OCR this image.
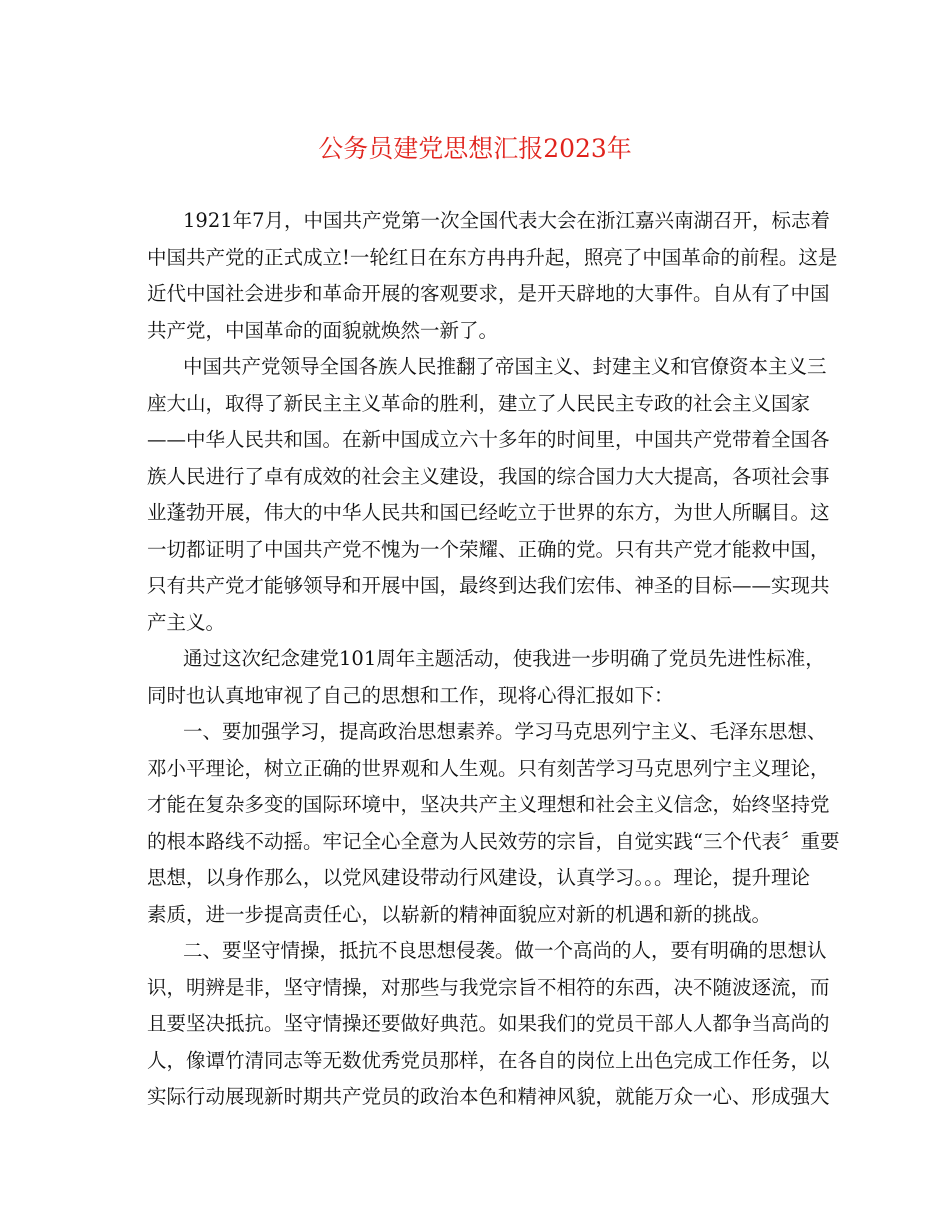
公务员建党思想汇报2023年
1921年7月，中国共产党第一次全国代表大会在浙江嘉兴南湖召开，标志着
中国共产党的正式成立!一轮红日在东方冉冉升起，照亮了中国革命的前程。这是
近代中国社会进步和革命开展的客观要求，是开天辟地的大事件。自从有了中国
共产党，中国革命的面貌就焕然一新了。
中国共产党领导全国各族人民推翻了帝国主义、封建主义和官僚资本主义三
座大山，取得了新民主主义革命的胜利，建立了人民民主专政的社会主义国家
——中华人民共和国。在新中国成立六十多年的时间里，中国共产党带着全国各
族人民进行了卓有成效的社会主义建设，我国的综合国力大大提高，各项社会事
业蓬勃开展，伟大的中华人民共和国已经屹立于世界的东方，为世人所瞩目。这
一切都证明了中国共产党不愧为一个荣耀、正确的党。只有共产党才能救中国，
只有共产党才能够领导和开展中国，最终到达我们宏伟、神圣的目标——实现共
产主义。
通过这次纪念建党101周年主题活动，使我进一步明确了党员先进性标准，
同时也认真地审视了自己的思想和工作，现将心得汇报如下：
一、要加强学习，提高政治思想素养。学习马克思列宁主义、毛泽东思想、
邓小平理论，树立正确的世界观和人生观。只有刻苦学习马克思列宁主义理论，
才能在复杂多变的国际环境中，坚决共产主义理想和社会主义信念，始终坚持党
的根本路线不动摇。牢记全心全意为人民效劳的宗旨，自觉实践“三个代表〞重要
思想，以身作那么，以党风建设带动行风建设，认真学习。。。理论，提升理论
素质，进一步提高责任心，以崭新的精神面貌应对新的机遇和新的挑战。
二、要坚守情操，抵抗不良思想侵袭。做一个高尚的人，要有明确的思想认
识，明辨是非，坚守情操，对那些与我党宗旨不相符的东西，决不随波逐流，而
且要坚决抵抗。坚守情操还要做好典范。如果我们的党员干部人人都争当高尚的
人，像谭竹清同志等无数优秀党员那样，在各自的岗位上出色完成工作任务，以
实际行动展现新时期共产党员的政治本色和精神风貌，就能万众一心、形成强大
